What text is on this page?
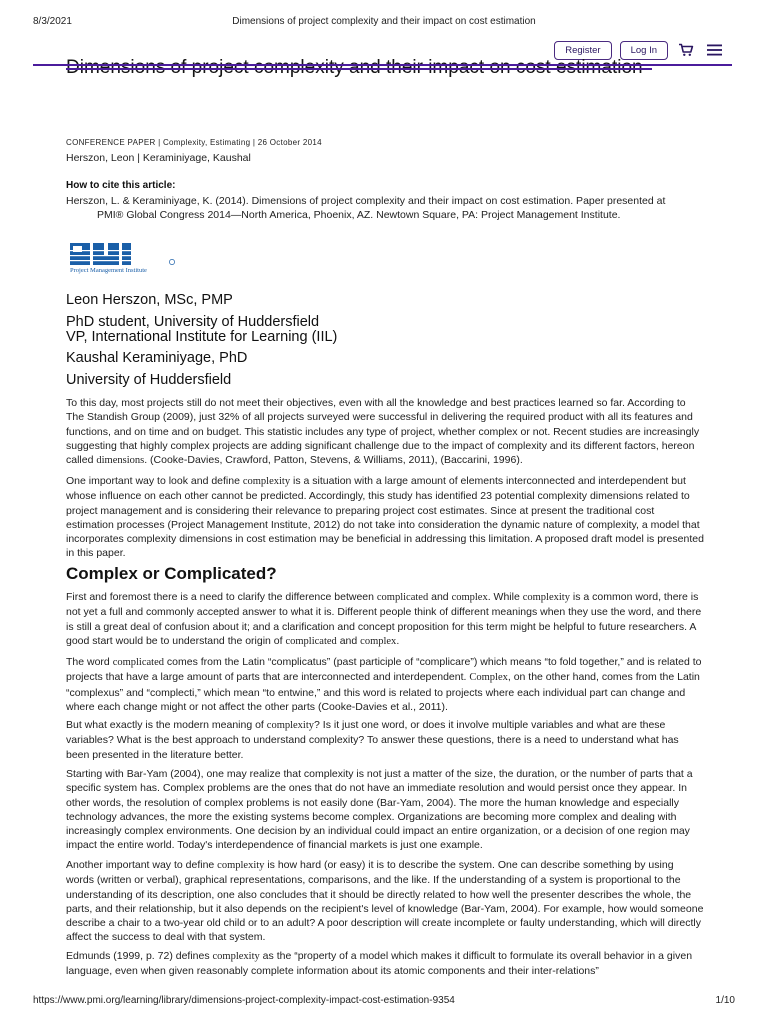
8/3/2021	Dimensions of project complexity and their impact on cost estimation
Register	Log In
CONFERENCE PAPER | Complexity, Estimating | 26 October 2014
Herszon, Leon | Keraminiyage, Kaushal
How to cite this article:
Herszon, L. & Keraminiyage, K. (2014). Dimensions of project complexity and their impact on cost estimation. Paper presented at
PMI® Global Congress 2014—North America, Phoenix, AZ. Newtown Square, PA: Project Management Institute.
Project Management Institute
Leon Herszon, MSc, PMP
PhD student, University of Huddersfield
VP, International Institute for Learning (IIL)
Kaushal Keraminiyage, PhD
University of Huddersfield

To this day, most projects still do not meet their objectives, even with all the knowledge and best practices learned so far. According to The Standish Group (2009), just 32% of all projects surveyed were successful in delivering the required product with all its features and functions, and on time and on budget. This statistic includes any type of project, whether complex or not. Recent studies are increasingly suggesting that highly complex projects are adding significant challenge due to the impact of complexity and its different factors, hereon called dimensions. (Cooke-Davies, Crawford, Patton, Stevens, & Williams, 2011), (Baccarini, 1996).

One important way to look and define complexity is a situation with a large amount of elements interconnected and interdependent but whose influence on each other cannot be predicted. Accordingly, this study has identified 23 potential complexity dimensions related to project management and is considering their relevance to preparing project cost estimates. Since at present the traditional cost estimation processes (Project Management Institute, 2012) do not take into consideration the dynamic nature of complexity, a model that incorporates complexity dimensions in cost estimation may be beneficial in addressing this limitation. A proposed draft model is presented in this paper.

Complex or Complicated?

First and foremost there is a need to clarify the difference between complicated and complex. While complexity is a common word, there is not yet a full and commonly accepted answer to what it is. Different people think of different meanings when they use the word, and there is still a great deal of confusion about it; and a clarification and concept proposition for this term might be helpful to future researchers. A good start would be to understand the origin of complicated and complex.

The word complicated comes from the Latin “complicatus” (past participle of “complicare”) which means “to fold together,” and is related to projects that have a large amount of parts that are interconnected and interdependent. Complex, on the other hand, comes from the Latin “complexus” and “complecti,” which mean “to entwine,” and this word is related to projects where each individual part can change and where each change might or not affect the other parts (Cooke-Davies et al., 2011).

But what exactly is the modern meaning of complexity? Is it just one word, or does it involve multiple variables and what are these variables? What is the best approach to understand complexity? To answer these questions, there is a need to understand what has been presented in the literature better.

Starting with Bar-Yam (2004), one may realize that complexity is not just a matter of the size, the duration, or the number of parts that a specific system has. Complex problems are the ones that do not have an immediate resolution and would persist once they appear. In other words, the resolution of complex problems is not easily done (Bar-Yam, 2004). The more the human knowledge and especially technology advances, the more the existing systems become complex. Organizations are becoming more complex and dealing with increasingly complex environments. One decision by an individual could impact an entire organization, or a decision of one region may impact the entire world. Today's interdependence of financial markets is just one example.

Another important way to define complexity is how hard (or easy) it is to describe the system. One can describe something by using words (written or verbal), graphical representations, comparisons, and the like. If the understanding of a system is proportional to the understanding of its description, one also concludes that it should be directly related to how well the presenter describes the whole, the parts, and their relationship, but it also depends on the recipient's level of knowledge (Bar-Yam, 2004). For example, how would someone describe a chair to a two-year old child or to an adult? A poor description will create incomplete or faulty understanding, which will directly affect the success to deal with that system.

Edmunds (1999, p. 72) defines complexity as the “property of a model which makes it difficult to formulate its overall behavior in a given language, even when given reasonably complete information about its atomic components and their inter-relations”

https://www.pmi.org/learning/library/dimensions-project-complexity-impact-cost-estimation-9354	1/10
